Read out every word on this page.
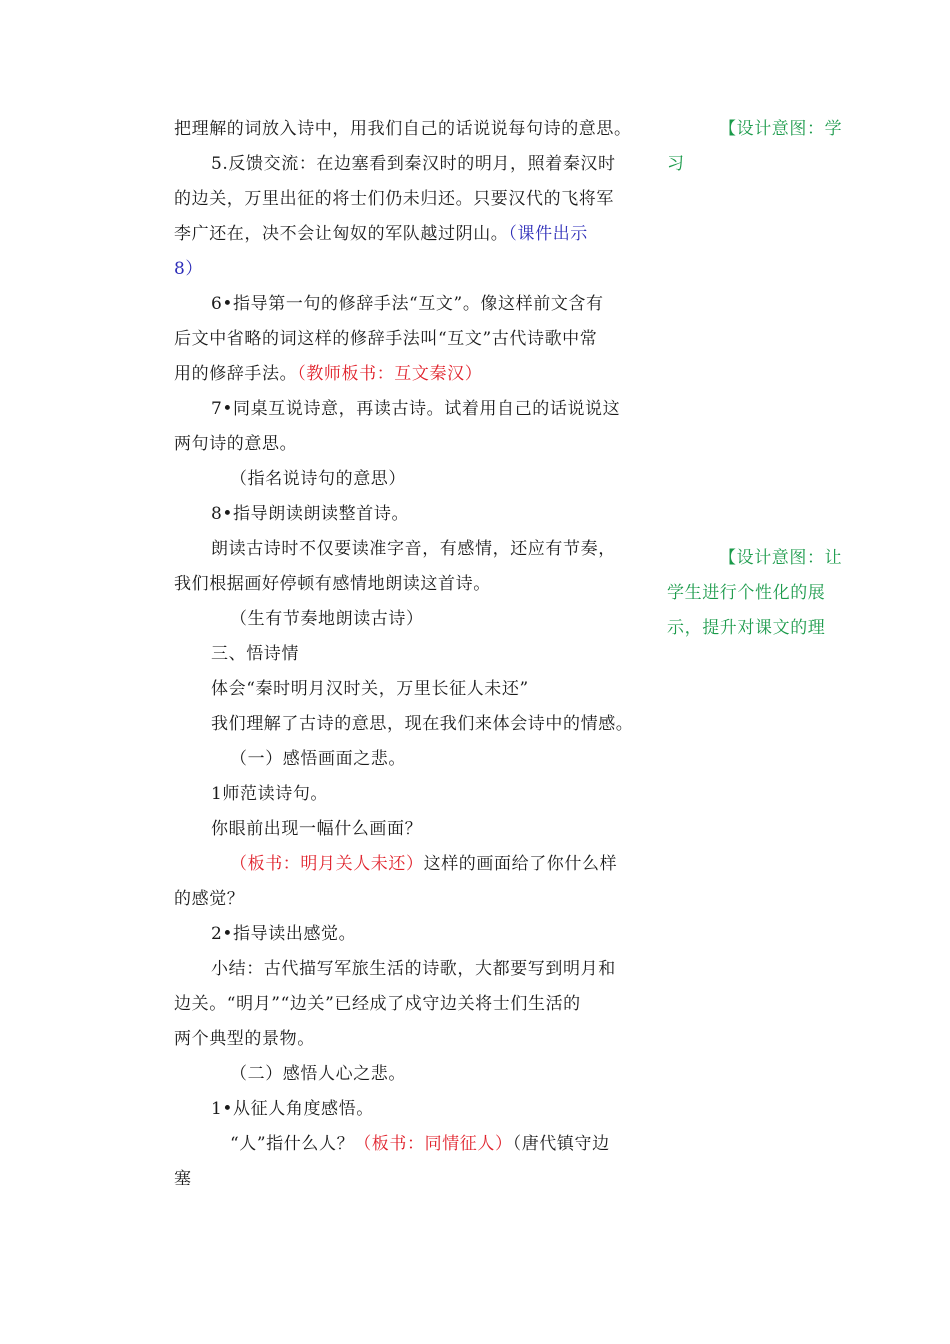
把理解的词放入诗中，用我们自己的话说说每句诗的意思。
5.反馈交流：在边塞看到秦汉时的明月，照着秦汉时
的边关，万里出征的将士们仍未归还。只要汉代的飞将军
李广还在，决不会让匈奴的军队越过阴山。（课件出示
8）
6•指导第一句的修辞手法“互文”。像这样前文含有
后文中省略的词这样的修辞手法叫“互文”古代诗歌中常
用的修辞手法。（教师板书：互文秦汉）
7•同桌互说诗意，再读古诗。试着用自己的话说说这
两句诗的意思。
（指名说诗句的意思）
8•指导朗读朗读整首诗。
朗读古诗时不仅要读准字音，有感情，还应有节奏，
我们根据画好停顿有感情地朗读这首诗。
（生有节奏地朗读古诗）
三、悟诗情
体会“秦时明月汉时关，万里长征人未还”
我们理解了古诗的意思，现在我们来体会诗中的情感。
（一）感悟画面之悲。
1师范读诗句。
你眼前出现一幅什么画面？
（板书：明月关人未还）这样的画面给了你什么样
的感觉？
2•指导读出感觉。
小结：古代描写军旅生活的诗歌，大都要写到明月和
边关。“明月”“边关”已经成了戍守边关将士们生活的
两个典型的景物。
（二）感悟人心之悲。
1•从征人角度感悟。
“人”指什么人？（板书：同情征人）（唐代镇守边
塞
【设计意图：学
习
【设计意图：让
学生进行个性化的展
示，提升对课文的理
